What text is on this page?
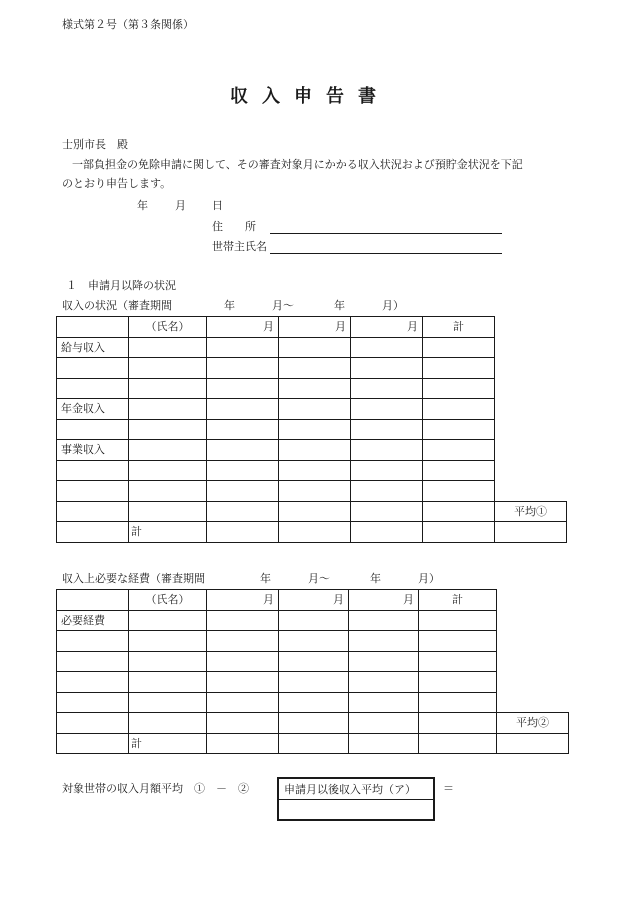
様式第２号（第３条関係）
収入申告書
士別市長　殿
一部負担金の免除申請に関して、その審査対象月にかかる収入状況および預貯金状況を下記
のとおり申告します。
年 月 日
住　　所
世帯主氏名
１　申請月以降の状況
収入の状況（審査期間	年	月～	年	月）
	（氏名）	月	月	月	計	
給与収入						

年金収入						

事業収入						

						平均①
	計					
収入上必要な経費（審査期間	年	月～	年	月）
	（氏名）	月	月	月	計	
必要経費						

						平均②
	計					
対象世帯の収入月額平均　①　－　②	申請月以後収入平均（ア） ＝
